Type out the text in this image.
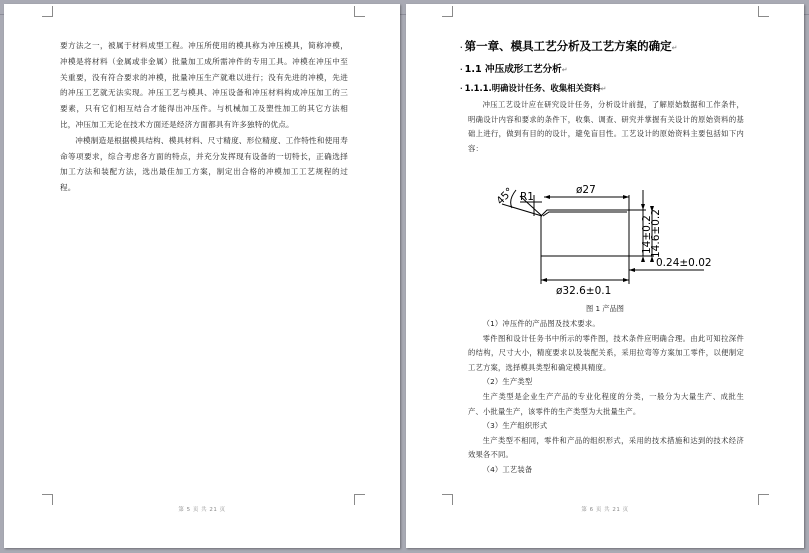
要方法之一，被属于材料成型工程。冲压所使用的模具称为冲压模具，简称冲模，冲模是将材料（金属或非金属）批量加工成所需冲件的专用工具。冲模在冲压中至关重要，没有符合要求的冲模，批量冲压生产就难以进行；没有先进的冲模，先进的冲压工艺就无法实现。冲压工艺与模具、冲压设备和冲压材料构成冲压加工的三要素，只有它们相互结合才能得出冲压件。与机械加工及塑性加工的其它方法相比，冲压加工无论在技术方面还是经济方面都具有许多独特的优点。

冲模制造是根据模具结构、模具材料、尺寸精度、形位精度、工作特性和使用寿命等项要求，综合考虑各方面的特点，并充分发挥现有设备的一切特长，正确选择加工方法和装配方法，选出最佳加工方案，制定出合格的冲模加工工艺规程的过程。

第 5 页 共 21 页
· 第一章、模具工艺分析及工艺方案的确定↵
· 1.1 冲压成形工艺分析↵
· 1.1.1.明确设计任务、收集相关资料↵

冲压工艺设计应在研究设计任务，分析设计前提，了解原始数据和工作条件，明确设计内容和要求的条件下，收集、调查、研究并掌握有关设计的原始资料的基础上进行，做到有目的的设计，避免盲目性。工艺设计的原始资料主要包括如下内容：

45° R1
ø27
14±0.2
14.6±0.2
0.24±0.02
ø32.6±0.1
图 1 产品图

（1）冲压件的产品图及技术要求。

零件图和设计任务书中所示的零件图，技术条件应明确合理。由此可知拉深件的结构，尺寸大小，精度要求以及装配关系，采用拉弯等方案加工零件，以便制定工艺方案，选择模具类型和确定模具精度。

（2）生产类型

生产类型是企业生产产品的专业化程度的分类，一般分为大量生产、成批生产、小批量生产，该零件的生产类型为大批量生产。

（3）生产组织形式

生产类型不相同，零件和产品的组织形式，采用的技术措施和达到的技术经济效果各不同。

（4）工艺装备

第 6 页 共 21 页
